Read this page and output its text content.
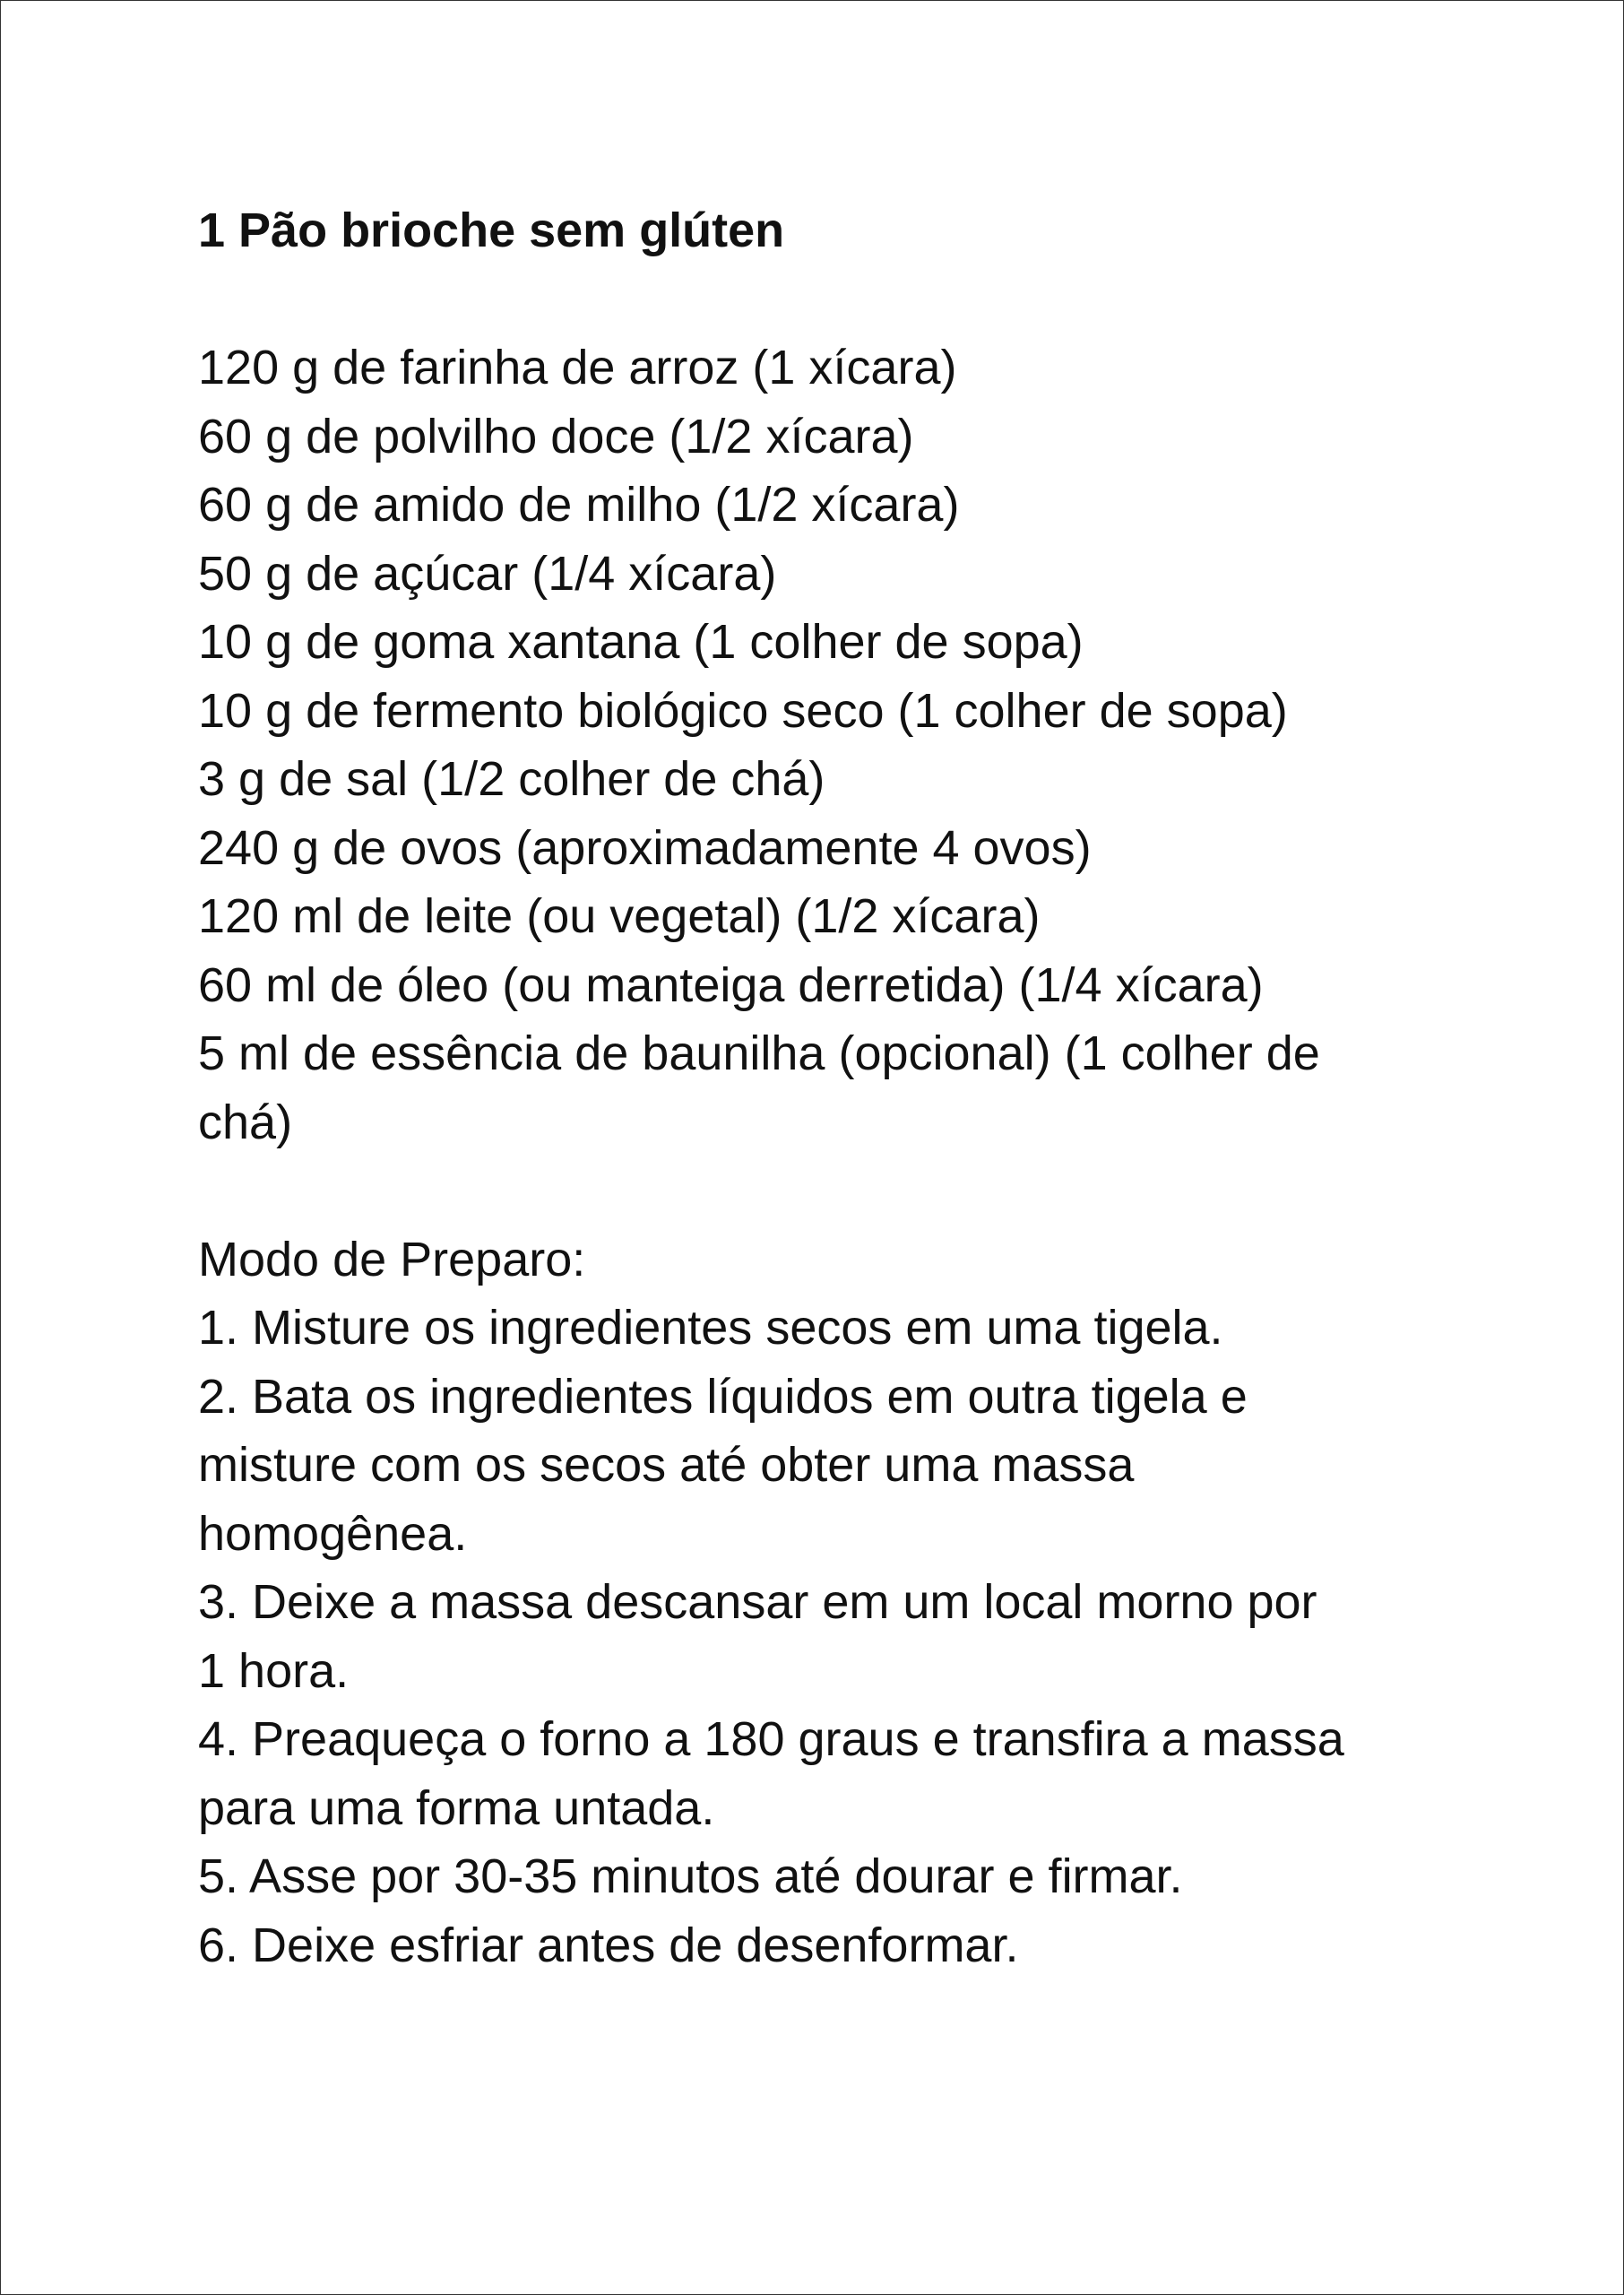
1 Pão brioche sem glúten
120 g de farinha de arroz (1 xícara)
60 g de polvilho doce (1/2 xícara)
60 g de amido de milho (1/2 xícara)
50 g de açúcar (1/4 xícara)
10 g de goma xantana (1 colher de sopa)
10 g de fermento biológico seco (1 colher de sopa)
3 g de sal (1/2 colher de chá)
240 g de ovos (aproximadamente 4 ovos)
120 ml de leite (ou vegetal) (1/2 xícara)
60 ml de óleo (ou manteiga derretida) (1/4 xícara)
5 ml de essência de baunilha (opcional) (1 colher de
chá)
Modo de Preparo:
1. Misture os ingredientes secos em uma tigela.
2. Bata os ingredientes líquidos em outra tigela e
misture com os secos até obter uma massa
homogênea.
3. Deixe a massa descansar em um local morno por
1 hora.
4. Preaqueça o forno a 180 graus e transfira a massa
para uma forma untada.
5. Asse por 30-35 minutos até dourar e firmar.
6. Deixe esfriar antes de desenformar.
